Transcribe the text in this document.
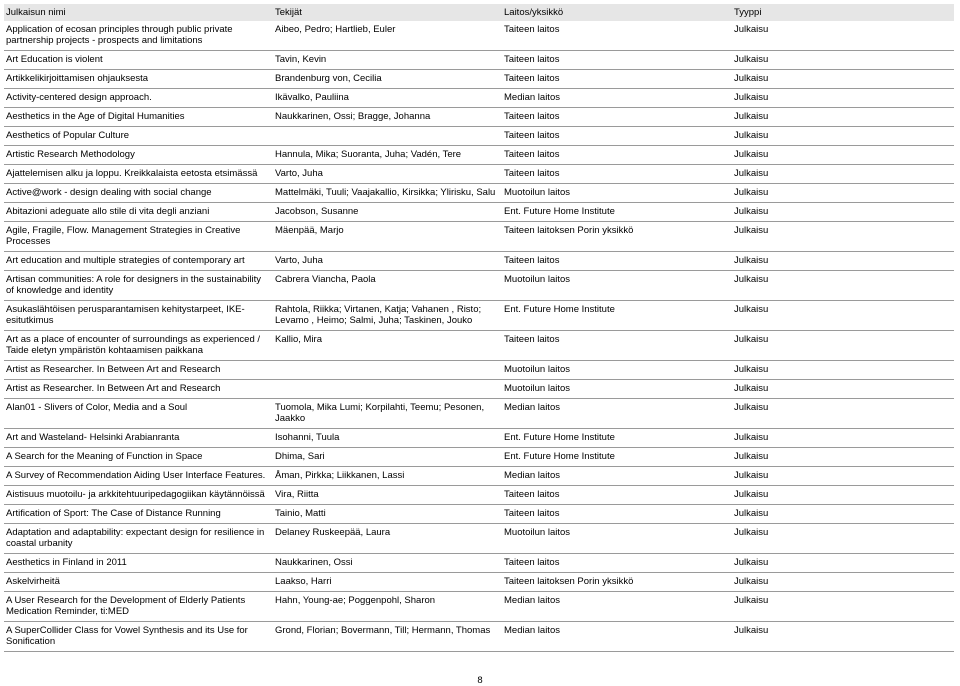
Julkaisun nimi	Tekijät	Laitos/yksikkö	Tyyppi
Application of ecosan principles through public private partnership projects - prospects and limitations	Aibeo, Pedro; Hartlieb, Euler	Taiteen laitos	Julkaisu
Art Education is violent	Tavin, Kevin	Taiteen laitos	Julkaisu
Artikkelikirjoittamisen ohjauksesta	Brandenburg von, Cecilia	Taiteen laitos	Julkaisu
Activity-centered design approach.	Ikävalko, Pauliina	Median laitos	Julkaisu
Aesthetics in the Age of Digital Humanities	Naukkarinen, Ossi; Bragge, Johanna	Taiteen laitos	Julkaisu
Aesthetics of Popular Culture		Taiteen laitos	Julkaisu
Artistic Research Methodology	Hannula, Mika; Suoranta, Juha; Vadén, Tere	Taiteen laitos	Julkaisu
Ajattelemisen alku ja loppu. Kreikkalaista eetosta etsimässä	Varto, Juha	Taiteen laitos	Julkaisu
Active@work - design dealing with social change	Mattelmäki, Tuuli; Vaajakallio, Kirsikka; Ylirisku, Salu	Muotoilun laitos	Julkaisu
Abitazioni adeguate allo stile di vita degli anziani	Jacobson, Susanne	Ent. Future Home Institute	Julkaisu
Agile, Fragile, Flow. Management Strategies in Creative Processes	Mäenpää, Marjo	Taiteen laitoksen Porin yksikkö	Julkaisu
Art education and multiple strategies of contemporary art	Varto, Juha	Taiteen laitos	Julkaisu
Artisan communities: A role for designers in the sustainability of knowledge and identity	Cabrera Viancha, Paola	Muotoilun laitos	Julkaisu
Asukaslähtöisen perusparantamisen kehitystarpeet, IKE-esitutkimus	Rahtola, Riikka; Virtanen, Katja; Vahanen , Risto; Levamo , Heimo; Salmi, Juha; Taskinen, Jouko	Ent. Future Home Institute	Julkaisu
Art as a place of encounter of surroundings as experienced / Taide eletyn ympäristön kohtaamisen paikkana	Kallio, Mira	Taiteen laitos	Julkaisu
Artist as Researcher. In Between Art and Research		Muotoilun laitos	Julkaisu
Artist as Researcher. In Between Art and Research		Muotoilun laitos	Julkaisu
Alan01 - Slivers of Color, Media and a Soul	Tuomola, Mika Lumi; Korpilahti, Teemu; Pesonen, Jaakko	Median laitos	Julkaisu
Art and Wasteland- Helsinki Arabianranta	Isohanni, Tuula	Ent. Future Home Institute	Julkaisu
A Search for the Meaning of Function in Space	Dhima, Sari	Ent. Future Home Institute	Julkaisu
A Survey of Recommendation Aiding User Interface Features.	Åman, Pirkka; Liikkanen, Lassi	Median laitos	Julkaisu
Aistisuus muotoilu- ja arkkitehtuuripedagogiikan käytännöissä	Vira, Riitta	Taiteen laitos	Julkaisu
Artification of Sport: The Case of Distance Running	Tainio, Matti	Taiteen laitos	Julkaisu
Adaptation and adaptability: expectant design for resilience in coastal urbanity	Delaney Ruskeepää, Laura	Muotoilun laitos	Julkaisu
Aesthetics in Finland in 2011	Naukkarinen, Ossi	Taiteen laitos	Julkaisu
Askelvirheitä	Laakso, Harri	Taiteen laitoksen Porin yksikkö	Julkaisu
A User Research for the Development of Elderly Patients Medication Reminder, ti:MED	Hahn, Young-ae; Poggenpohl, Sharon	Median laitos	Julkaisu
A SuperCollider Class for Vowel Synthesis and its Use for Sonification	Grond, Florian; Bovermann, Till; Hermann, Thomas	Median laitos	Julkaisu
8
